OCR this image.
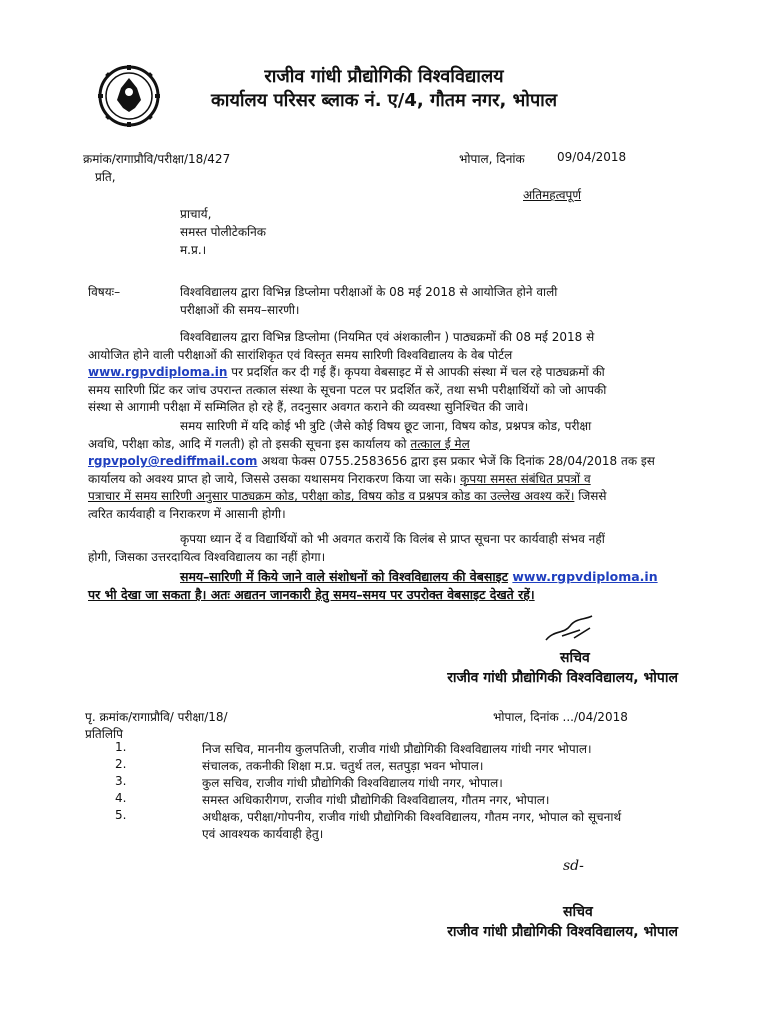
राजीव गांधी प्रौद्योगिकी विश्वविद्यालय
कार्यालय परिसर ब्लाक नं. ए/4, गौतम नगर, भोपाल
क्रमांक/रागाप्रौवि/परीक्षा/18/427	भोपाल, दिनांक	09/04/2018
प्रति,
अतिमहत्वपूर्ण
प्राचार्य,
समस्त पोलीटेकनिक
म.प्र.।
विषयः–	विश्वविद्यालय द्वारा विभिन्न डिप्लोमा परीक्षाओं के 08 मई 2018 से आयोजित होने वाली
परीक्षाओं की समय–सारणी।
विश्वविद्यालय द्वारा विभिन्न डिप्लोमा (नियमित एवं अंशकालीन ) पाठ्यक्रमों की 08 मई 2018 से
आयोजित होने वाली परीक्षाओं की सारांशिकृत एवं विस्तृत समय सारिणी विश्वविद्यालय के वेब पोर्टल
www.rgpvdiploma.in पर प्रदर्शित कर दी गई हैं। कृपया वेबसाइट में से आपकी संस्था में चल रहे पाठ्यक्रमों की
समय सारिणी प्रिंट कर जांच उपरान्त तत्काल संस्था के सूचना पटल पर प्रदर्शित करें, तथा सभी परीक्षार्थियों को जो आपकी
संस्था से आगामी परीक्षा में सम्मिलित हो रहे हैं, तदनुसार अवगत कराने की व्यवस्था सुनिश्चित की जावे।
समय सारिणी में यदि कोई भी त्रुटि (जैसे कोई विषय छूट जाना, विषय कोड, प्रश्नपत्र कोड, परीक्षा
अवधि, परीक्षा कोड, आदि में गलती) हो तो इसकी सूचना इस कार्यालय को तत्काल ई मेल
rgpvpoly@rediffmail.com अथवा फेक्स 0755.2583656 द्वारा इस प्रकार भेजें कि दिनांक 28/04/2018 तक इस
कार्यालय को अवश्य प्राप्त हो जाये, जिससे उसका यथासमय निराकरण किया जा सके। कृपया समस्त संबंधित प्रपत्रों व
पत्राचार में समय सारिणी अनुसार पाठ्यक्रम कोड, परीक्षा कोड, विषय कोड व प्रश्नपत्र कोड का उल्लेख अवश्य करें। जिससे
त्वरित कार्यवाही व निराकरण में आसानी होगी।
कृपया ध्यान दें व विद्यार्थियों को भी अवगत करायें कि विलंब से प्राप्त सूचना पर कार्यवाही संभव नहीं
होगी, जिसका उत्तरदायित्व विश्वविद्यालय का नहीं होगा।
समय–सारिणी में किये जाने वाले संशोधनों को विश्वविद्यालय की वेबसाइट www.rgpvdiploma.in
पर भी देखा जा सकता है। अतः अद्यतन जानकारी हेतु समय–समय पर उपरोक्त वेबसाइट देखते रहें।
सचिव
राजीव गांधी प्रौद्योगिकी विश्वविद्यालय, भोपाल
पृ. क्रमांक/रागाप्रौवि/ परीक्षा/18/	भोपाल, दिनांक .../04/2018
प्रतिलिपि
1.	निज सचिव, माननीय कुलपतिजी, राजीव गांधी प्रौद्योगिकी विश्वविद्यालय गांधी नगर भोपाल।
2.	संचालक, तकनीकी शिक्षा म.प्र. चतुर्थ तल, सतपुड़ा भवन भोपाल।
3.	कुल सचिव, राजीव गांधी प्रौद्योगिकी विश्वविद्यालय गांधी नगर, भोपाल।
4.	समस्त अधिकारीगण, राजीव गांधी प्रौद्योगिकी विश्वविद्यालय, गौतम नगर, भोपाल।
5.	अधीक्षक, परीक्षा/गोपनीय, राजीव गांधी प्रौद्योगिकी विश्वविद्यालय, गौतम नगर, भोपाल को सूचनार्थ
एवं आवश्यक कार्यवाही हेतु।
sd-
सचिव
राजीव गांधी प्रौद्योगिकी विश्वविद्यालय, भोपाल
